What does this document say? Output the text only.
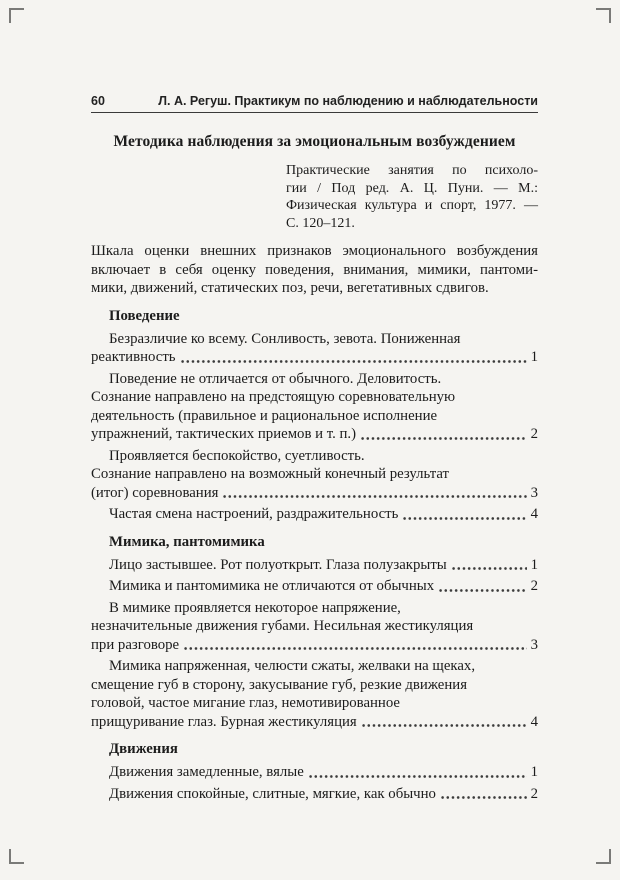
60	Л. А. Регуш. Практикум по наблюдению и наблюдательности
Методика наблюдения за эмоциональным возбуждением
Практические занятия по психоло-
гии / Под ред. А. Ц. Пуни. — М.:
Физическая культура и спорт, 1977. —
С. 120–121.
Шкала оценки внешних признаков эмоционального возбуждения
включает в себя оценку поведения, внимания, мимики, пантоми-
мики, движений, статических поз, речи, вегетативных сдвигов.
Поведение
Безразличие ко всему. Сонливость, зевота. Пониженная
реактивность	1
Поведение не отличается от обычного. Деловитость.
Сознание направлено на предстоящую соревновательную
деятельность (правильное и рациональное исполнение
упражнений, тактических приемов и т. п.)	2
Проявляется беспокойство, суетливость.
Сознание направлено на возможный конечный результат
(итог) соревнования	3
Частая смена настроений, раздражительность	4
Мимика, пантомимика
Лицо застывшее. Рот полуоткрыт. Глаза полузакрыты	1
Мимика и пантомимика не отличаются от обычных	2
В мимике проявляется некоторое напряжение,
незначительные движения губами. Несильная жестикуляция
при разговоре	3
Мимика напряженная, челюсти сжаты, желваки на щеках,
смещение губ в сторону, закусывание губ, резкие движения
головой, частое мигание глаз, немотивированное
прищуривание глаз. Бурная жестикуляция	4
Движения
Движения замедленные, вялые	1
Движения спокойные, слитные, мягкие, как обычно	2
